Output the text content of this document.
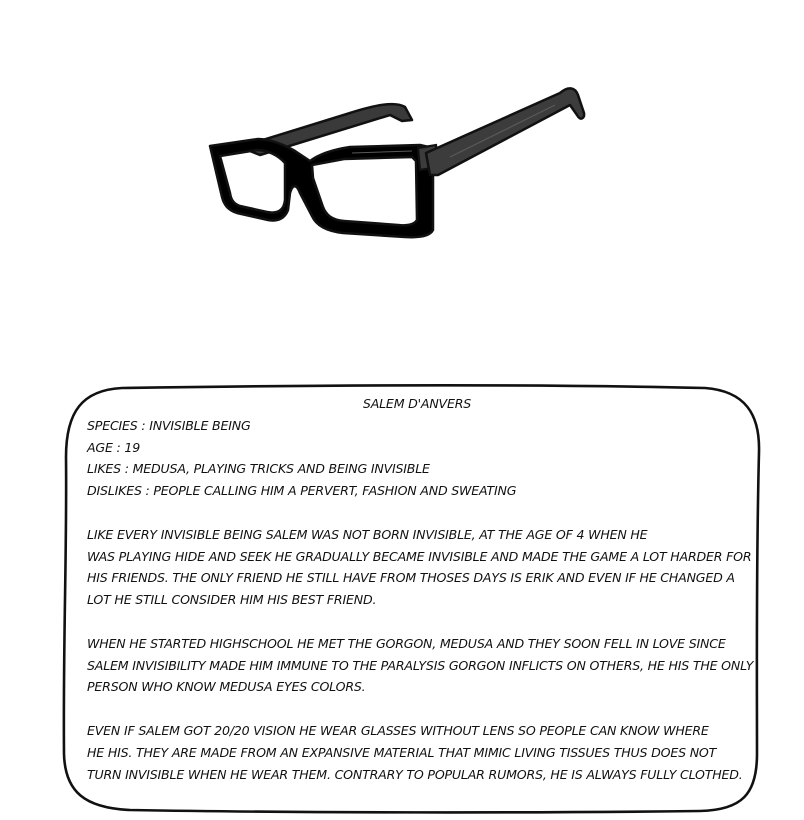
SALEM D'ANVERS
SPECIES : INVISIBLE BEING
AGE : 19
LIKES : MEDUSA, PLAYING TRICKS AND BEING INVISIBLE
DISLIKES : PEOPLE CALLING HIM A PERVERT, FASHION AND SWEATING
LIKE EVERY INVISIBLE BEING SALEM WAS NOT BORN INVISIBLE, AT THE AGE OF 4 WHEN HE
WAS PLAYING HIDE AND SEEK HE GRADUALLY BECAME INVISIBLE AND MADE THE GAME A LOT HARDER FOR
HIS FRIENDS. THE ONLY FRIEND HE STILL HAVE FROM THOSES DAYS IS ERIK AND EVEN IF HE CHANGED A
LOT HE STILL CONSIDER HIM HIS BEST FRIEND.
WHEN HE STARTED HIGHSCHOOL HE MET THE GORGON, MEDUSA AND THEY SOON FELL IN LOVE SINCE
SALEM INVISIBILITY MADE HIM IMMUNE TO THE PARALYSIS GORGON INFLICTS ON OTHERS, HE HIS THE ONLY
PERSON WHO KNOW MEDUSA EYES COLORS.
EVEN IF SALEM GOT 20/20 VISION HE WEAR GLASSES WITHOUT LENS SO PEOPLE CAN KNOW WHERE
HE HIS. THEY ARE MADE FROM AN EXPANSIVE MATERIAL THAT MIMIC LIVING TISSUES THUS DOES NOT
TURN INVISIBLE WHEN HE WEAR THEM. CONTRARY TO POPULAR RUMORS, HE IS ALWAYS FULLY CLOTHED.
